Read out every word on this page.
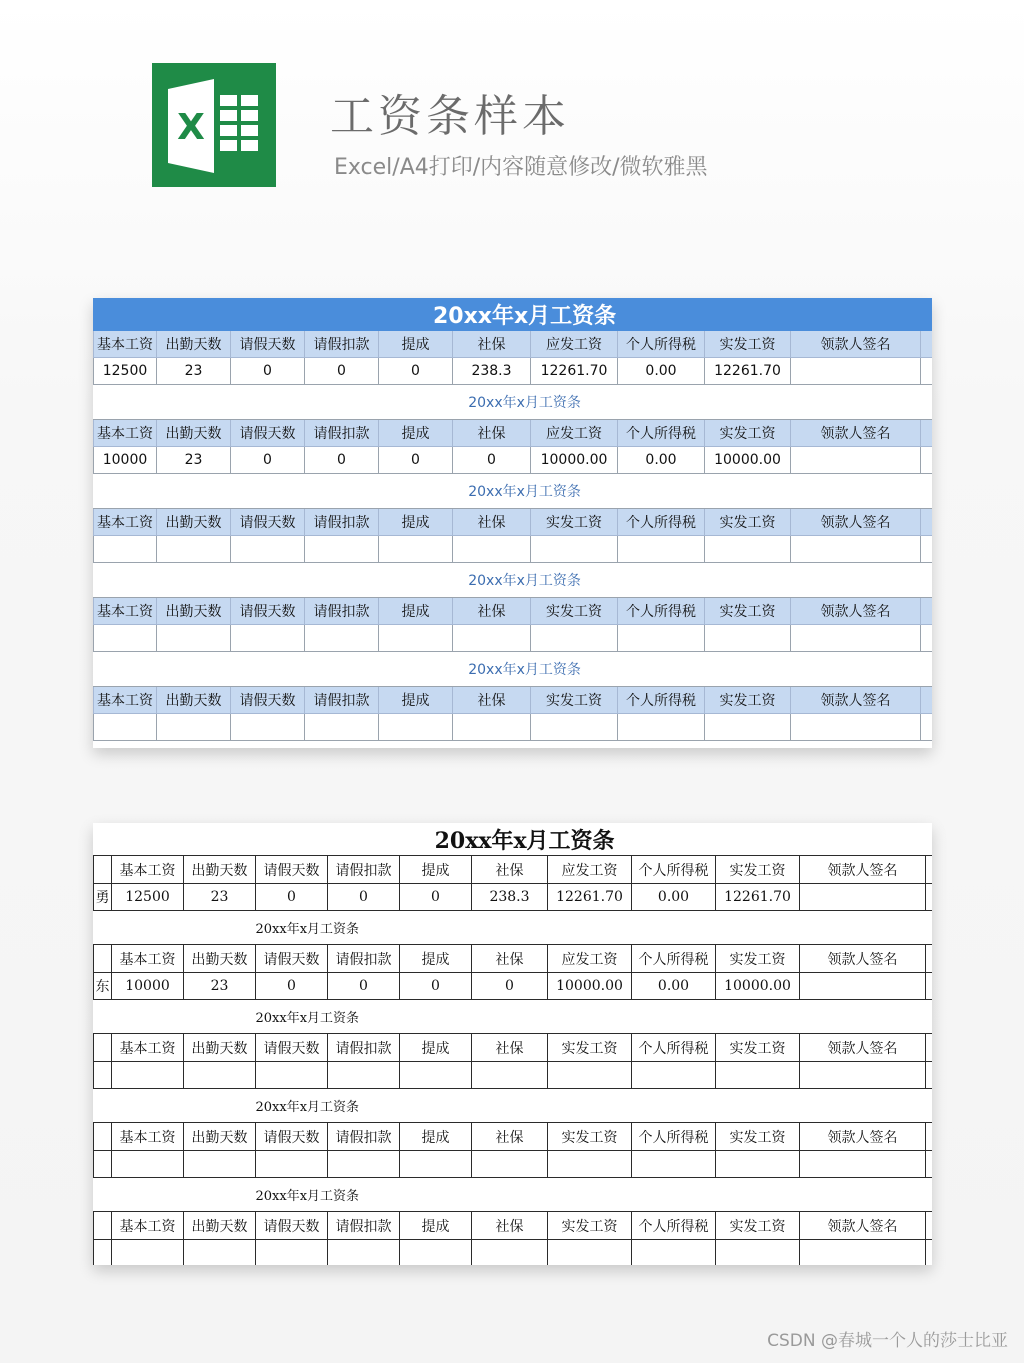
X	工资条样本
Excel/A4打印/内容随意修改/微软雅黑
20xx年x月工资条										
基本工资	出勤天数	请假天数	请假扣款	提成	社保	应发工资	个人所得税	实发工资	领款人签名	
12500	23	0	0	0	238.3	12261.70	0.00	12261.70		
20xx年x月工资条										
基本工资	出勤天数	请假天数	请假扣款	提成	社保	应发工资	个人所得税	实发工资	领款人签名	
10000	23	0	0	0	0	10000.00	0.00	10000.00		
20xx年x月工资条										
基本工资	出勤天数	请假天数	请假扣款	提成	社保	实发工资	个人所得税	实发工资	领款人签名	

20xx年x月工资条										
基本工资	出勤天数	请假天数	请假扣款	提成	社保	实发工资	个人所得税	实发工资	领款人签名	

20xx年x月工资条										
基本工资	出勤天数	请假天数	请假扣款	提成	社保	实发工资	个人所得税	实发工资	领款人签名	

20xx年x月工资条											
	基本工资	出勤天数	请假天数	请假扣款	提成	社保	应发工资	个人所得税	实发工资	领款人签名	
勇	12500	23	0	0	0	238.3	12261.70	0.00	12261.70		
			20xx年x月工资条								
	基本工资	出勤天数	请假天数	请假扣款	提成	社保	应发工资	个人所得税	实发工资	领款人签名	
东	10000	23	0	0	0	0	10000.00	0.00	10000.00		
			20xx年x月工资条								
	基本工资	出勤天数	请假天数	请假扣款	提成	社保	实发工资	个人所得税	实发工资	领款人签名	

			20xx年x月工资条								
	基本工资	出勤天数	请假天数	请假扣款	提成	社保	实发工资	个人所得税	实发工资	领款人签名	

			20xx年x月工资条								
	基本工资	出勤天数	请假天数	请假扣款	提成	社保	实发工资	个人所得税	实发工资	领款人签名	

CSDN @春城一个人的莎士比亚
